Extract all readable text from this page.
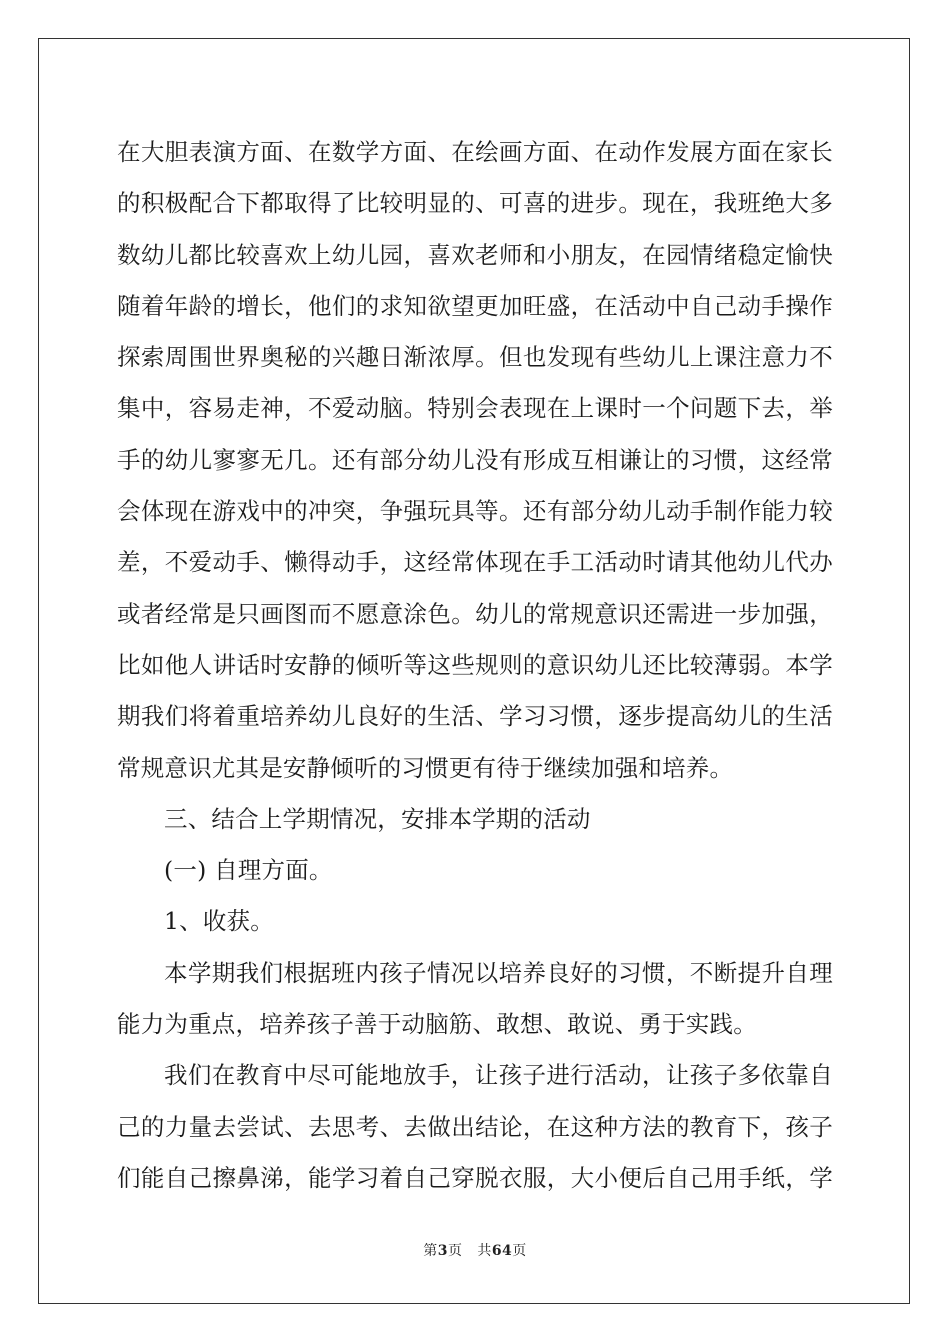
在大胆表演方面、在数学方面、在绘画方面、在动作发展方面在家长
的积极配合下都取得了比较明显的、可喜的进步。现在，我班绝大多
数幼儿都比较喜欢上幼儿园，喜欢老师和小朋友，在园情绪稳定愉快
随着年龄的增长，他们的求知欲望更加旺盛，在活动中自己动手操作
探索周围世界奥秘的兴趣日渐浓厚。但也发现有些幼儿上课注意力不
集中，容易走神，不爱动脑。特别会表现在上课时一个问题下去，举
手的幼儿寥寥无几。还有部分幼儿没有形成互相谦让的习惯，这经常
会体现在游戏中的冲突，争强玩具等。还有部分幼儿动手制作能力较
差，不爱动手、懒得动手，这经常体现在手工活动时请其他幼儿代办
或者经常是只画图而不愿意涂色。幼儿的常规意识还需进一步加强，
比如他人讲话时安静的倾听等这些规则的意识幼儿还比较薄弱。本学
期我们将着重培养幼儿良好的生活、学习习惯，逐步提高幼儿的生活
常规意识尤其是安静倾听的习惯更有待于继续加强和培养。
三、结合上学期情况，安排本学期的活动
(一) 自理方面。
1、收获。
本学期我们根据班内孩子情况以培养良好的习惯，不断提升自理
能力为重点，培养孩子善于动脑筋、敢想、敢说、勇于实践。
我们在教育中尽可能地放手，让孩子进行活动，让孩子多依靠自
己的力量去尝试、去思考、去做出结论，在这种方法的教育下，孩子
们能自己擦鼻涕，能学习着自己穿脱衣服，大小便后自己用手纸，学
第3页 共64页
